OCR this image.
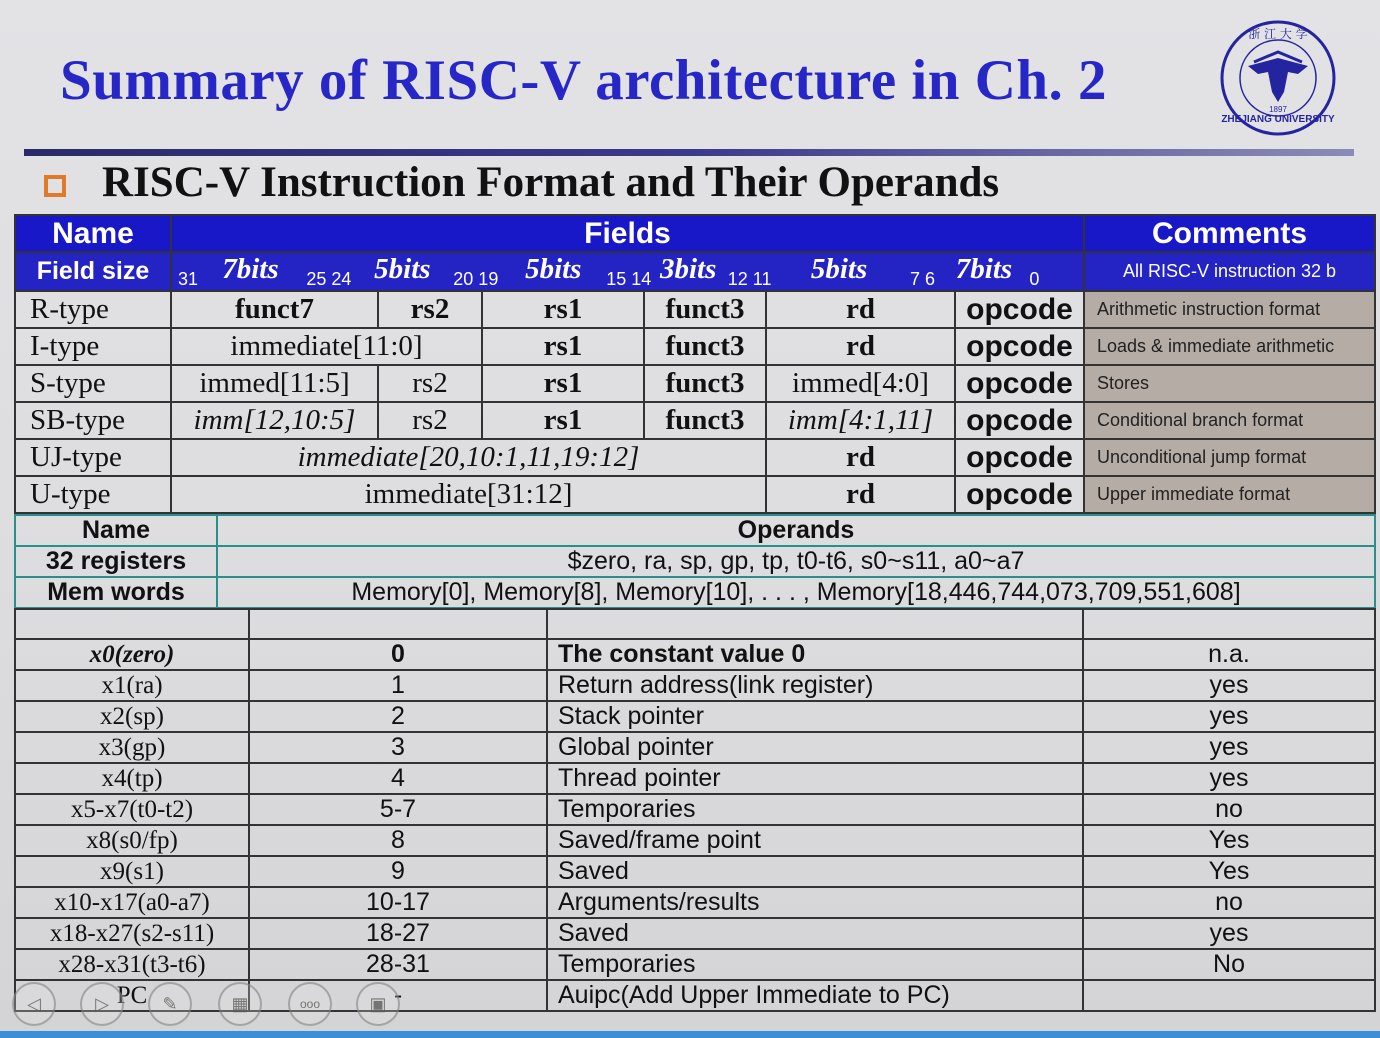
Summary of RISC-V architecture in Ch. 2
ZHEJIANG UNIVERSITY
浙 江 大 学
1897
RISC-V Instruction Format and Their Operands
Name	Fields						Comments
Field size	31 7bits 25 24 5bits 20 19 5bits 15 14 3bits 12 11 5bits 7 6 7bits 0						All RISC-V instruction 32 b
R-type	funct7	rs2	rs1	funct3	rd	opcode	Arithmetic instruction format
I-type	immediate[11:0]		rs1	funct3	rd	opcode	Loads & immediate arithmetic
S-type	immed[11:5]	rs2	rs1	funct3	immed[4:0]	opcode	Stores
SB-type	imm[12,10:5]	rs2	rs1	funct3	imm[4:1,11]	opcode	Conditional branch format
UJ-type	immediate[20,10:1,11,19:12]				rd	opcode	Unconditional jump format
U-type	immediate[31:12]				rd	opcode	Upper immediate format
Name	Operands
32 registers	$zero, ra, sp, gp, tp, t0-t6, s0~s11, a0~a7
Mem words	Memory[0], Memory[8], Memory[10], . . . , Memory[18,446,744,073,709,551,608]

x0(zero)	0	The constant value 0	n.a.
x1(ra)	1	Return address(link register)	yes
x2(sp)	2	Stack pointer	yes
x3(gp)	3	Global pointer	yes
x4(tp)	4	Thread pointer	yes
x5-x7(t0-t2)	5-7	Temporaries	no
x8(s0/fp)	8	Saved/frame point	Yes
x9(s1)	9	Saved	Yes
x10-x17(a0-a7)	10-17	Arguments/results	no
x18-x27(s2-s11)	18-27	Saved	yes
x28-x31(t3-t6)	28-31	Temporaries	No
PC	-	Auipc(Add Upper Immediate to PC)	
◁	▷	✎	▦	ooo	▣
